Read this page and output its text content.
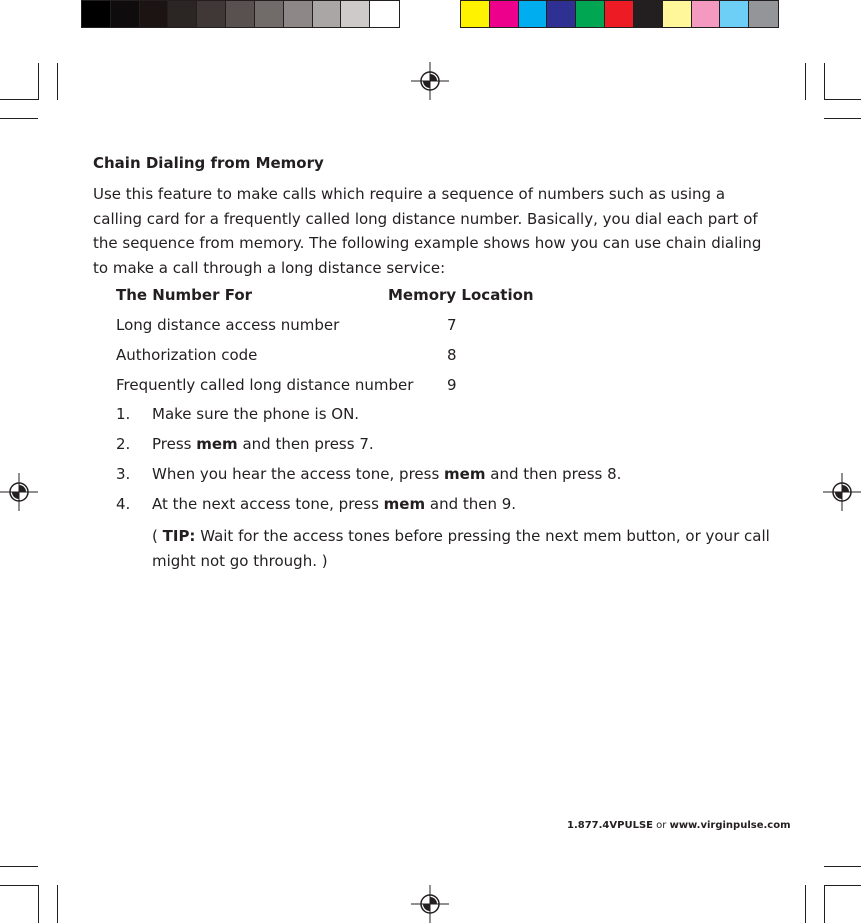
Chain Dialing from Memory
Use this feature to make calls which require a sequence of numbers such as using a calling card for a frequently called long distance number. Basically, you dial each part of the sequence from memory. The following example shows how you can use chain dialing to make a call through a long distance service:
The Number For	Memory Location
Long distance access number	7
Authorization code	8
Frequently called long distance number 9
1. Make sure the phone is ON.
2. Press mem and then press 7.
3. When you hear the access tone, press mem and then press 8.
4. At the next access tone, press mem and then 9.
( TIP: Wait for the access tones before pressing the next mem button, or your call might not go through. )
1.877.4VPULSE or www.virginpulse.com
